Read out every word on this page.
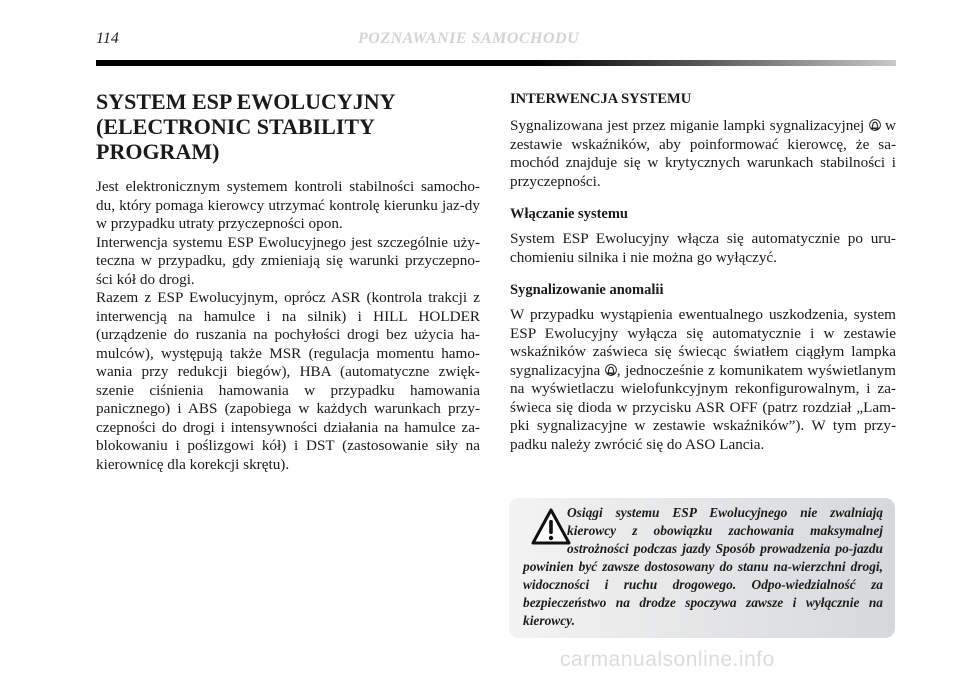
114	POZNAWANIE SAMOCHODU
SYSTEM ESP EWOLUCYJNY
(ELECTRONIC STABILITY
PROGRAM)

Jest elektronicznym systemem kontroli stabilności samocho-du, który pomaga kierowcy utrzymać kontrolę kierunku jaz-dy w przypadku utraty przyczepności opon.

Interwencja systemu ESP Ewolucyjnego jest szczególnie uży-teczna w przypadku, gdy zmieniają się warunki przyczepno-ści kół do drogi.

Razem z ESP Ewolucyjnym, oprócz ASR (kontrola trakcji z interwencją na hamulce i na silnik) i HILL HOLDER (urządzenie do ruszania na pochyłości drogi bez użycia ha-mulców), występują także MSR (regulacja momentu hamo-wania przy redukcji biegów), HBA (automatyczne zwięk-szenie ciśnienia hamowania w przypadku hamowania panicznego) i ABS (zapobiega w każdych warunkach przy-czepności do drogi i intensywności działania na hamulce za-blokowaniu i poślizgowi kół) i DST (zastosowanie siły na kierownicę dla korekcji skrętu).

INTERWENCJA SYSTEMU

Sygnalizowana jest przez miganie lampki sygnalizacyjnej
w zestawie wskaźników, aby poinformować kierowcę, że sa-mochód znajduje się w krytycznych warunkach stabilności i przyczepności.

Włączanie systemu

System ESP Ewolucyjny włącza się automatycznie po uru-chomieniu silnika i nie można go wyłączyć.

Sygnalizowanie anomalii

W przypadku wystąpienia ewentualnego uszkodzenia, system ESP Ewolucyjny wyłącza się automatycznie i w zestawie wskaźników zaświeca się świecąc światłem ciągłym lampka sygnalizacyjna , jednocześnie z komunikatem wyświetlanym na wyświetlaczu wielofunkcyjnym rekonfigurowalnym, i za-świeca się dioda w przycisku ASR OFF (patrz rozdział „Lam-pki sygnalizacyjne w zestawie wskaźników”). W tym przy-padku należy zwrócić się do ASO Lancia.

Osiągi systemu ESP Ewolucyjnego nie zwalniają kierowcy z obowiązku zachowania maksymalnej ostrożności podczas jazdy Sposób prowadzenia po-jazdu powinien być zawsze dostosowany do stanu na-wierzchni drogi, widoczności i ruchu drogowego. Odpo-wiedzialność za bezpieczeństwo na drodze spoczywa zawsze i wyłącznie na kierowcy.

carmanualsonline.info
